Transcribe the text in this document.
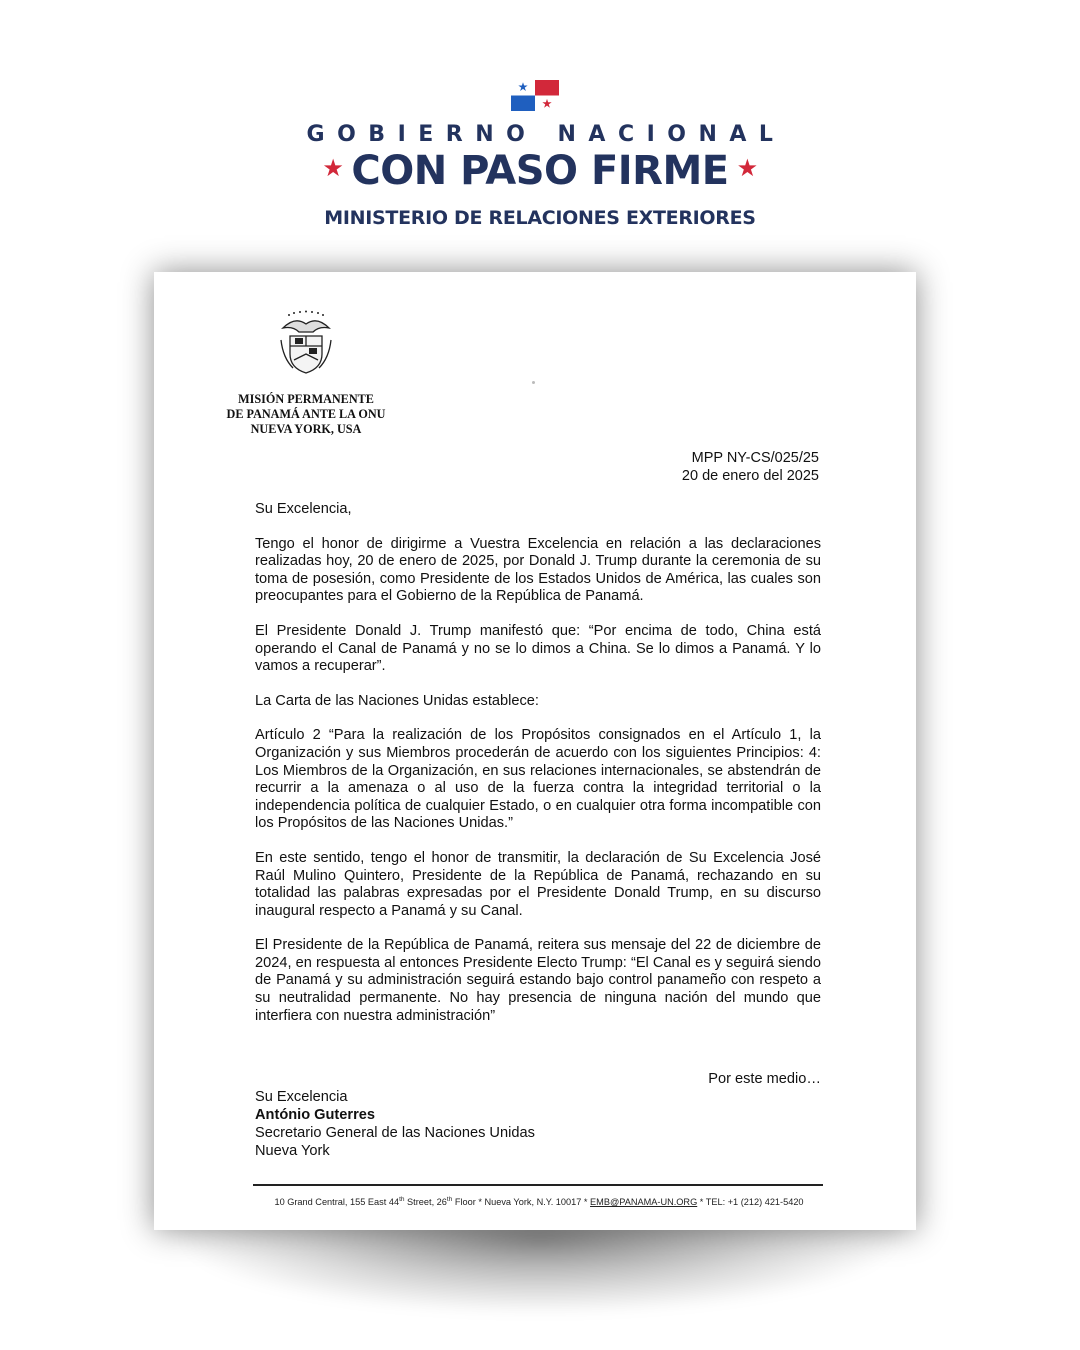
GOBIERNO NACIONAL
★ CON PASO FIRME ★
MINISTERIO DE RELACIONES EXTERIORES
MISIÓN PERMANENTE
DE PANAMÁ ANTE LA ONU
NUEVA YORK, USA
MPP NY-CS/025/25
20 de enero del 2025

Su Excelencia,

Tengo el honor de dirigirme a Vuestra Excelencia en relación a las declaraciones realizadas hoy, 20 de enero de 2025, por Donald J. Trump durante la ceremonia de su toma de posesión, como Presidente de los Estados Unidos de América, las cuales son preocupantes para el Gobierno de la República de Panamá.

El Presidente Donald J. Trump manifestó que: “Por encima de todo, China está operando el Canal de Panamá y no se lo dimos a China. Se lo dimos a Panamá. Y lo vamos a recuperar”.

La Carta de las Naciones Unidas establece:

Artículo 2 “Para la realización de los Propósitos consignados en el Artículo 1, la Organización y sus Miembros procederán de acuerdo con los siguientes Principios: 4: Los Miembros de la Organización, en sus relaciones internacionales, se abstendrán de recurrir a la amenaza o al uso de la fuerza contra la integridad territorial o la independencia política de cualquier Estado, o en cualquier otra forma incompatible con los Propósitos de las Naciones Unidas.”

En este sentido, tengo el honor de transmitir, la declaración de Su Excelencia José Raúl Mulino Quintero, Presidente de la República de Panamá, rechazando en su totalidad las palabras expresadas por el Presidente Donald Trump, en su discurso inaugural respecto a Panamá y su Canal.

El Presidente de la República de Panamá, reitera sus mensaje del 22 de diciembre de 2024, en respuesta al entonces Presidente Electo Trump: “El Canal es y seguirá siendo de Panamá y su administración seguirá estando bajo control panameño con respeto a su neutralidad permanente. No hay presencia de ninguna nación del mundo que interfiera con nuestra administración”

Por este medio…
Su Excelencia
António Guterres
Secretario General de las Naciones Unidas
Nueva York
10 Grand Central, 155 East 44th Street, 26th Floor * Nueva York, N.Y. 10017 * EMB@PANAMA-UN.ORG * TEL: +1 (212) 421-5420
